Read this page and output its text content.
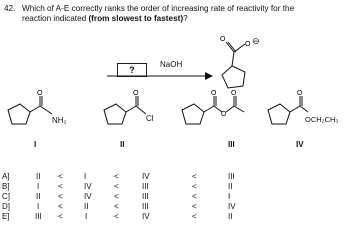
42. Which of A-E correctly ranks the order of increasing rate of reactivity for the
reaction indicated (from slowest to fastest)?
?
NaOH
O
O ⊖
O
NH₂
I
O
Cl
II
O
O
O
III
O
OCH₂CH₃
IV
A]	II <	I	<	IV	<	III
B]	I <	IV	<	III	<	II
C]	II <	IV	<	III	<	I
D]	I <	II	<	III	<	IV
E]	III <	I	<	IV	<	II
